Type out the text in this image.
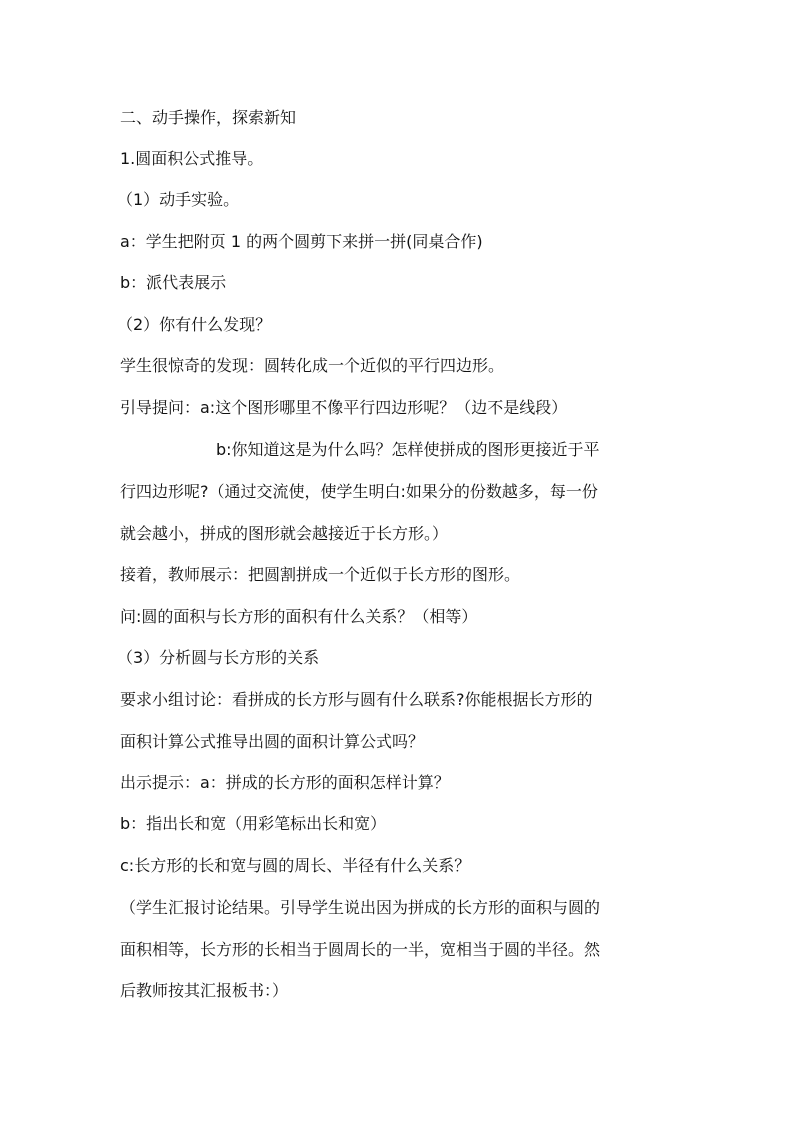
二、动手操作，探索新知
1.圆面积公式推导。
（1）动手实验。
a：学生把附页 1 的两个圆剪下来拼一拼(同桌合作)
b：派代表展示
（2）你有什么发现？
学生很惊奇的发现：圆转化成一个近似的平行四边形。
引导提问：a:这个图形哪里不像平行四边形呢？（边不是线段）
b:你知道这是为什么吗？怎样使拼成的图形更接近于平
行四边形呢?（通过交流使，使学生明白:如果分的份数越多，每一份
就会越小，拼成的图形就会越接近于长方形。）
接着，教师展示：把圆割拼成一个近似于长方形的图形。
问:圆的面积与长方形的面积有什么关系？（相等）
（3）分析圆与长方形的关系
要求小组讨论：看拼成的长方形与圆有什么联系?你能根据长方形的
面积计算公式推导出圆的面积计算公式吗？
出示提示：a：拼成的长方形的面积怎样计算？
b：指出长和宽（用彩笔标出长和宽）
c:长方形的长和宽与圆的周长、半径有什么关系？
（学生汇报讨论结果。引导学生说出因为拼成的长方形的面积与圆的
面积相等，长方形的长相当于圆周长的一半，宽相当于圆的半径。然
后教师按其汇报板书：）
